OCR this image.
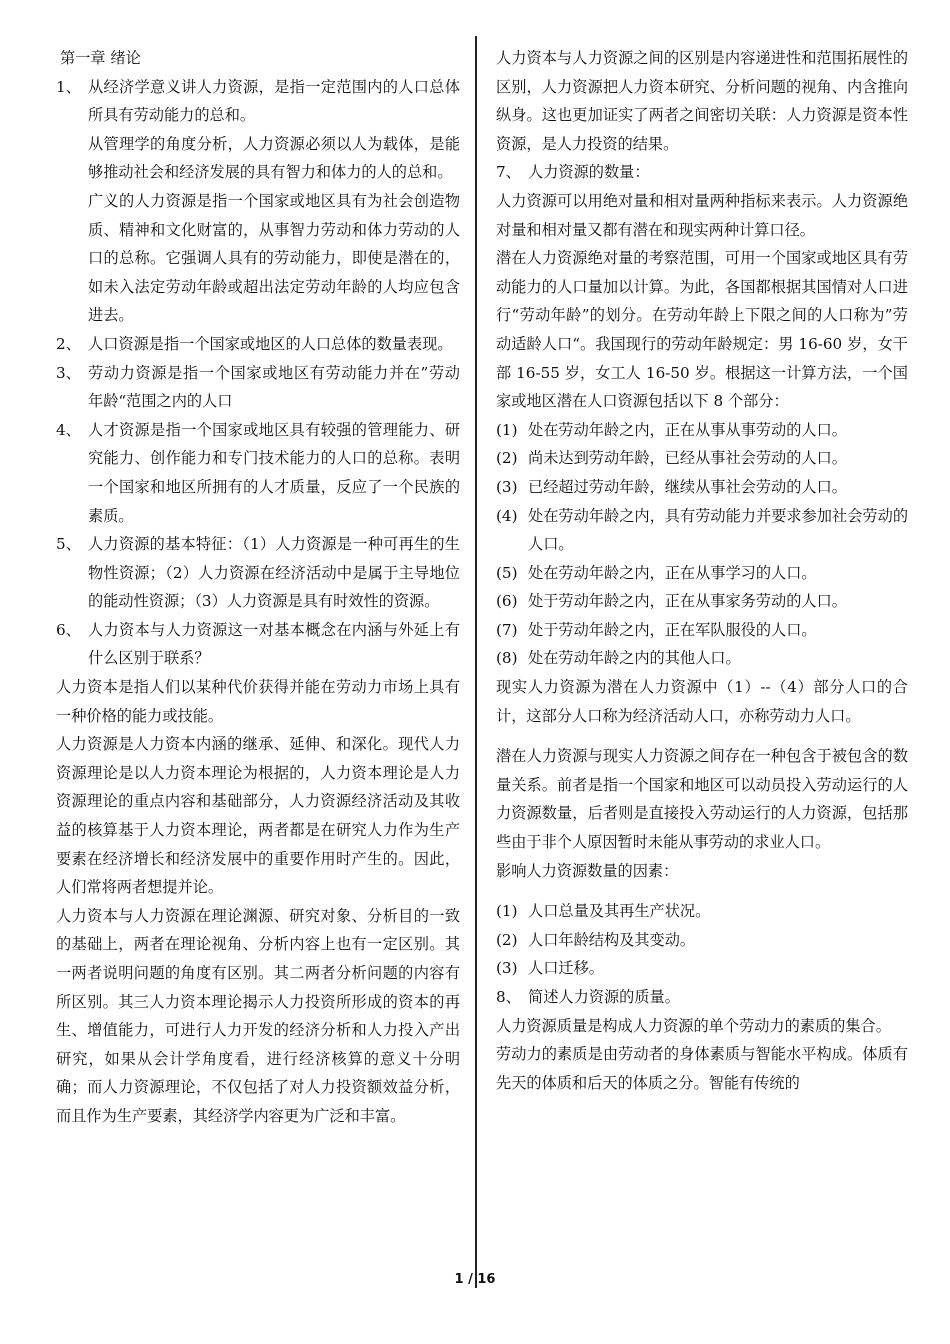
第一章 绪论

1、 从经济学意义讲人力资源，是指一定范围内的人口总体所具有劳动能力的总和。

从管理学的角度分析，人力资源必须以人为载体，是能够推动社会和经济发展的具有智力和体力的人的总和。

广义的人力资源是指一个国家或地区具有为社会创造物质、精神和文化财富的，从事智力劳动和体力劳动的人口的总称。它强调人具有的劳动能力，即使是潜在的，如未入法定劳动年龄或超出法定劳动年龄的人均应包含进去。

2、 人口资源是指一个国家或地区的人口总体的数量表现。
3、 劳动力资源是指一个国家或地区有劳动能力并在”劳动年龄“范围之内的人口
4、 人才资源是指一个国家或地区具有较强的管理能力、研究能力、创作能力和专门技术能力的人口的总称。表明一个国家和地区所拥有的人才质量，反应了一个民族的素质。
5、 人力资源的基本特征：（1）人力资源是一种可再生的生物性资源；（2）人力资源在经济活动中是属于主导地位的能动性资源；（3）人力资源是具有时效性的资源。
6、 人力资本与人力资源这一对基本概念在内涵与外延上有什么区别于联系？

人力资本是指人们以某种代价获得并能在劳动力市场上具有一种价格的能力或技能。

人力资源是人力资本内涵的继承、延伸、和深化。现代人力资源理论是以人力资本理论为根据的，人力资本理论是人力资源理论的重点内容和基础部分，人力资源经济活动及其收益的核算基于人力资本理论，两者都是在研究人力作为生产要素在经济增长和经济发展中的重要作用时产生的。因此，人们常将两者想提并论。

人力资本与人力资源在理论渊源、研究对象、分析目的一致的基础上，两者在理论视角、分析内容上也有一定区别。其一两者说明问题的角度有区别。其二两者分析问题的内容有所区别。其三人力资本理论揭示人力投资所形成的资本的再生、增值能力，可进行人力开发的经济分析和人力投入产出研究，如果从会计学角度看，进行经济核算的意义十分明确；而人力资源理论，不仅包括了对人力投资额效益分析，而且作为生产要素，其经济学内容更为广泛和丰富。

人力资本与人力资源之间的区别是内容递进性和范围拓展性的区别，人力资源把人力资本研究、分析问题的视角、内含推向纵身。这也更加证实了两者之间密切关联：人力资源是资本性资源，是人力投资的结果。

7、 人力资源的数量：

人力资源可以用绝对量和相对量两种指标来表示。人力资源绝对量和相对量又都有潜在和现实两种计算口径。

潜在人力资源绝对量的考察范围，可用一个国家或地区具有劳动能力的人口量加以计算。为此，各国都根据其国情对人口进行“劳动年龄”的划分。在劳动年龄上下限之间的人口称为”劳动适龄人口“。我国现行的劳动年龄规定：男 16-60 岁，女干部 16-55 岁，女工人 16-50 岁。根据这一计算方法，一个国家或地区潜在人口资源包括以下 8 个部分：

(1) 处在劳动年龄之内，正在从事从事劳动的人口。
(2) 尚未达到劳动年龄，已经从事社会劳动的人口。
(3) 已经超过劳动年龄，继续从事社会劳动的人口。
(4) 处在劳动年龄之内，具有劳动能力并要求参加社会劳动的人口。
(5) 处在劳动年龄之内，正在从事学习的人口。
(6) 处于劳动年龄之内，正在从事家务劳动的人口。
(7) 处于劳动年龄之内，正在军队服役的人口。
(8) 处在劳动年龄之内的其他人口。

现实人力资源为潜在人力资源中（1）--（4）部分人口的合计，这部分人口称为经济活动人口，亦称劳动力人口。

潜在人力资源与现实人力资源之间存在一种包含于被包含的数量关系。前者是指一个国家和地区可以动员投入劳动运行的人力资源数量，后者则是直接投入劳动运行的人力资源，包括那些由于非个人原因暂时未能从事劳动的求业人口。

影响人力资源数量的因素：

(1) 人口总量及其再生产状况。
(2) 人口年龄结构及其变动。
(3) 人口迁移。
8、 简述人力资源的质量。

人力资源质量是构成人力资源的单个劳动力的素质的集合。

劳动力的素质是由劳动者的身体素质与智能水平构成。体质有先天的体质和后天的体质之分。智能有传统的

1 / 16
